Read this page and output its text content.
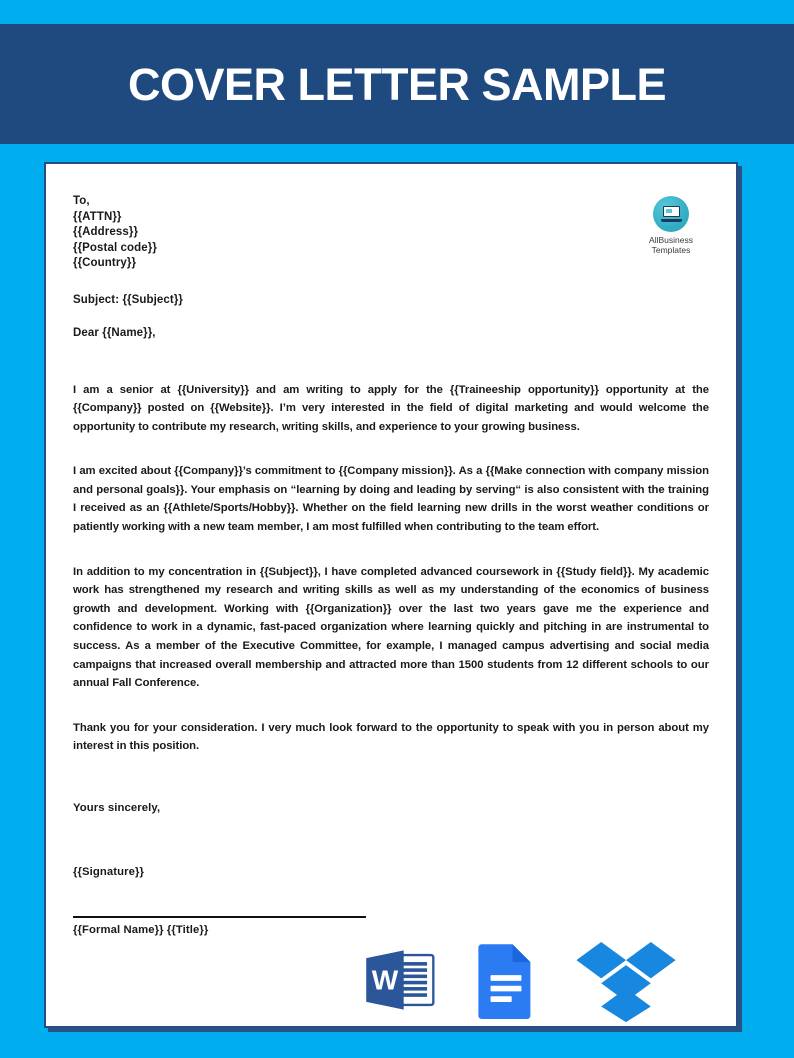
COVER LETTER SAMPLE
AllBusiness
Templates
To,
{{ATTN}}
{{Address}}
{{Postal code}}
{{Country}}
Subject: {{Subject}}
Dear {{Name}},

I am a senior at {{University}} and am writing to apply for the {{Traineeship opportunity}} opportunity at the {{Company}} posted on {{Website}}. I’m very interested in the field of digital marketing and would welcome the opportunity to contribute my research, writing skills, and experience to your growing business.

I am excited about {{Company}}’s commitment to {{Company mission}}. As a {{Make connection with company mission and personal goals}}. Your emphasis on “learning by doing and leading by serving“ is also consistent with the training I received as an {{Athlete/Sports/Hobby}}. Whether on the field learning new drills in the worst weather conditions or patiently working with a new team member, I am most fulfilled when contributing to the team effort.

In addition to my concentration in {{Subject}}, I have completed advanced coursework in {{Study field}}. My academic work has strengthened my research and writing skills as well as my understanding of the economics of business growth and development. Working with {{Organization}} over the last two years gave me the experience and confidence to work in a dynamic, fast-paced organization where learning quickly and pitching in are instrumental to success. As a member of the Executive Committee, for example, I managed campus advertising and social media campaigns that increased overall membership and attracted more than 1500 students from 12 different schools to our annual Fall Conference.

Thank you for your consideration. I very much look forward to the opportunity to speak with you in person about my interest in this position.

Yours sincerely,
{{Signature}}
{{Formal Name}} {{Title}}
W
